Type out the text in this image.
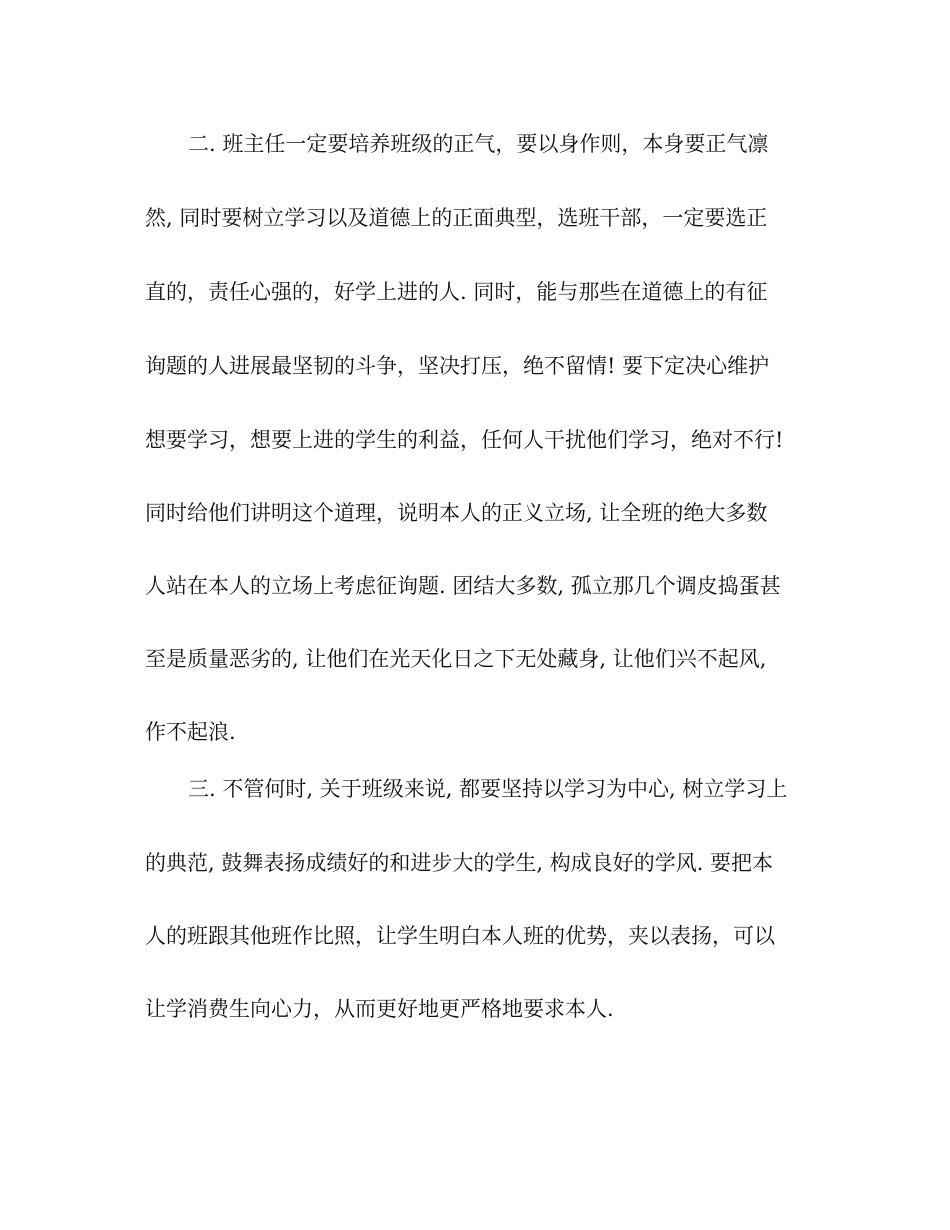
二. 班主任一定要培养班级的正气，要以身作则，本身要正气凛

然, 同时要树立学习以及道德上的正面典型，选班干部，一定要选正

直的，责任心强的，好学上进的人. 同时，能与那些在道德上的有征

询题的人进展最坚韧的斗争，坚决打压，绝不留情! 要下定决心维护

想要学习，想要上进的学生的利益，任何人干扰他们学习，绝对不行!

同时给他们讲明这个道理，说明本人的正义立场, 让全班的绝大多数

人站在本人的立场上考虑征询题. 团结大多数, 孤立那几个调皮捣蛋甚

至是质量恶劣的, 让他们在光天化日之下无处藏身, 让他们兴不起风,

作不起浪.

三. 不管何时, 关于班级来说, 都要坚持以学习为中心, 树立学习上

的典范, 鼓舞表扬成绩好的和进步大的学生, 构成良好的学风. 要把本

人的班跟其他班作比照，让学生明白本人班的优势，夹以表扬，可以

让学消费生向心力，从而更好地更严格地要求本人.
